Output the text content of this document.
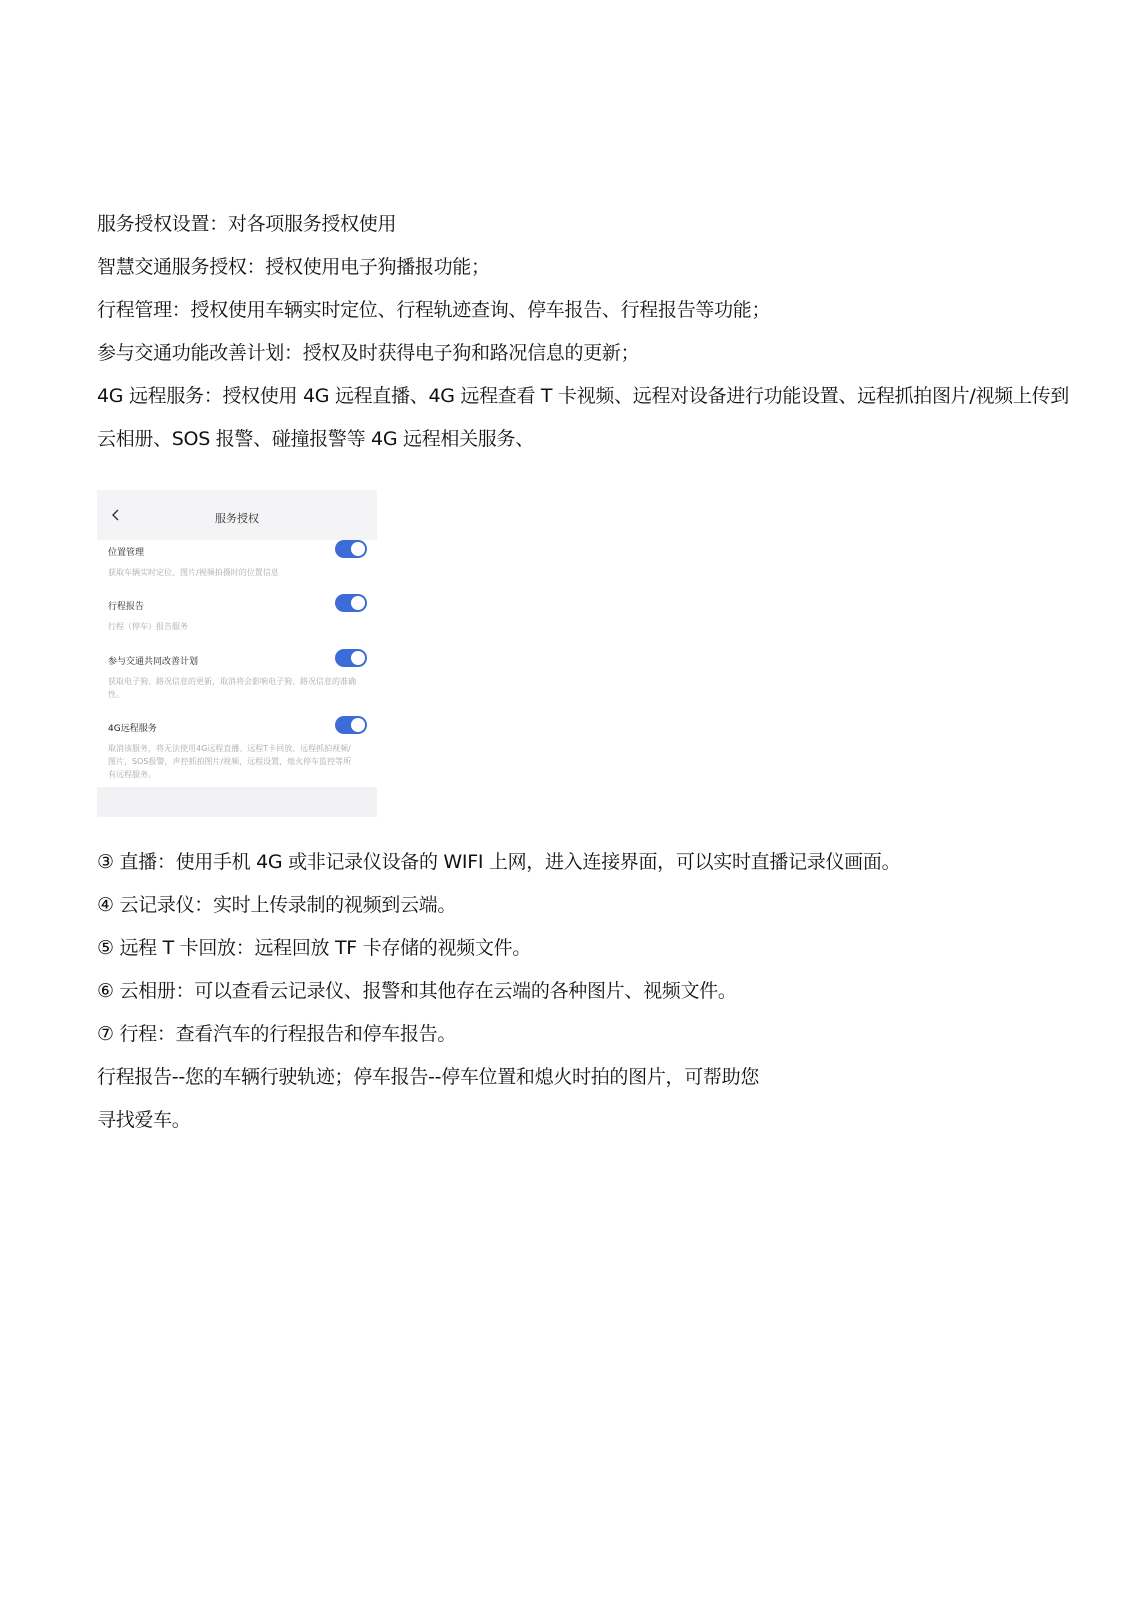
服务授权设置：对各项服务授权使用

智慧交通服务授权：授权使用电子狗播报功能；

行程管理：授权使用车辆实时定位、行程轨迹查询、停车报告、行程报告等功能；

参与交通功能改善计划：授权及时获得电子狗和路况信息的更新；

4G 远程服务：授权使用 4G 远程直播、4G 远程查看 T 卡视频、远程对设备进行功能设置、远程抓拍图片/视频上传到

云相册、SOS 报警、碰撞报警等 4G 远程相关服务、

服务授权
位置管理
获取车辆实时定位、图片/视频拍摄时的位置信息
行程报告
行程（停车）报告服务
参与交通共同改善计划
获取电子狗、路况信息的更新，取消将会影响电子狗、路况信息的准确性。
4G远程服务
取消该服务，将无法使用4G远程直播、远程T卡回放、远程抓拍视频/图片，SOS报警，声控抓拍图片/视频，远程设置，熄火停车监控等所有远程服务。

③ 直播：使用手机 4G 或非记录仪设备的 WIFI 上网，进入连接界面，可以实时直播记录仪画面。

④ 云记录仪：实时上传录制的视频到云端。

⑤ 远程 T 卡回放：远程回放 TF 卡存储的视频文件。

⑥ 云相册：可以查看云记录仪、报警和其他存在云端的各种图片、视频文件。

⑦ 行程：查看汽车的行程报告和停车报告。

行程报告--您的车辆行驶轨迹；停车报告--停车位置和熄火时拍的图片，可帮助您

寻找爱车。
